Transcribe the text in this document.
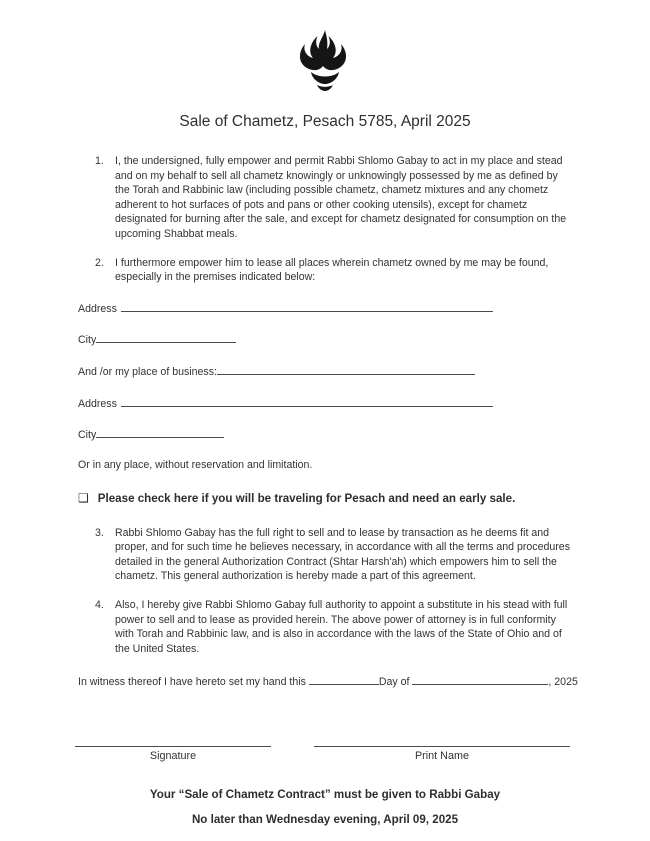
Sale of Chametz, Pesach 5785, April 2025
1.	I, the undersigned, fully empower and permit Rabbi Shlomo Gabay to act in my place and stead and on my behalf to sell all chametz knowingly or unknowingly possessed by me as defined by the Torah and Rabbinic law (including possible chametz, chametz mixtures and any chometz adherent to hot surfaces of pots and pans or other cooking utensils), except for chametz designated for burning after the sale, and except for chametz designated for consumption on the upcoming Shabbat meals.
2.	I furthermore empower him to lease all places wherein chametz owned by me may be found, especially in the premises indicated below:
Address
City
And /or my place of business:
Address
City
Or in any place, without reservation and limitation.
❑ Please check here if you will be traveling for Pesach and need an early sale.
3.	Rabbi Shlomo Gabay has the full right to sell and to lease by transaction as he deems fit and proper, and for such time he believes necessary, in accordance with all the terms and procedures detailed in the general Authorization Contract (Shtar Harsh'ah) which empowers him to sell the chametz. This general authorization is hereby made a part of this agreement.
4.	Also, I hereby give Rabbi Shlomo Gabay full authority to appoint a substitute in his stead with full power to sell and to lease as provided herein. The above power of attorney is in full conformity with Torah and Rabbinic law, and is also in accordance with the laws of the State of Ohio and of the United States.
In witness thereof I have hereto set my hand this	Day of	, 2025
Signature	Print Name
Your “Sale of Chametz Contract” must be given to Rabbi Gabay
No later than Wednesday evening, April 09, 2025
